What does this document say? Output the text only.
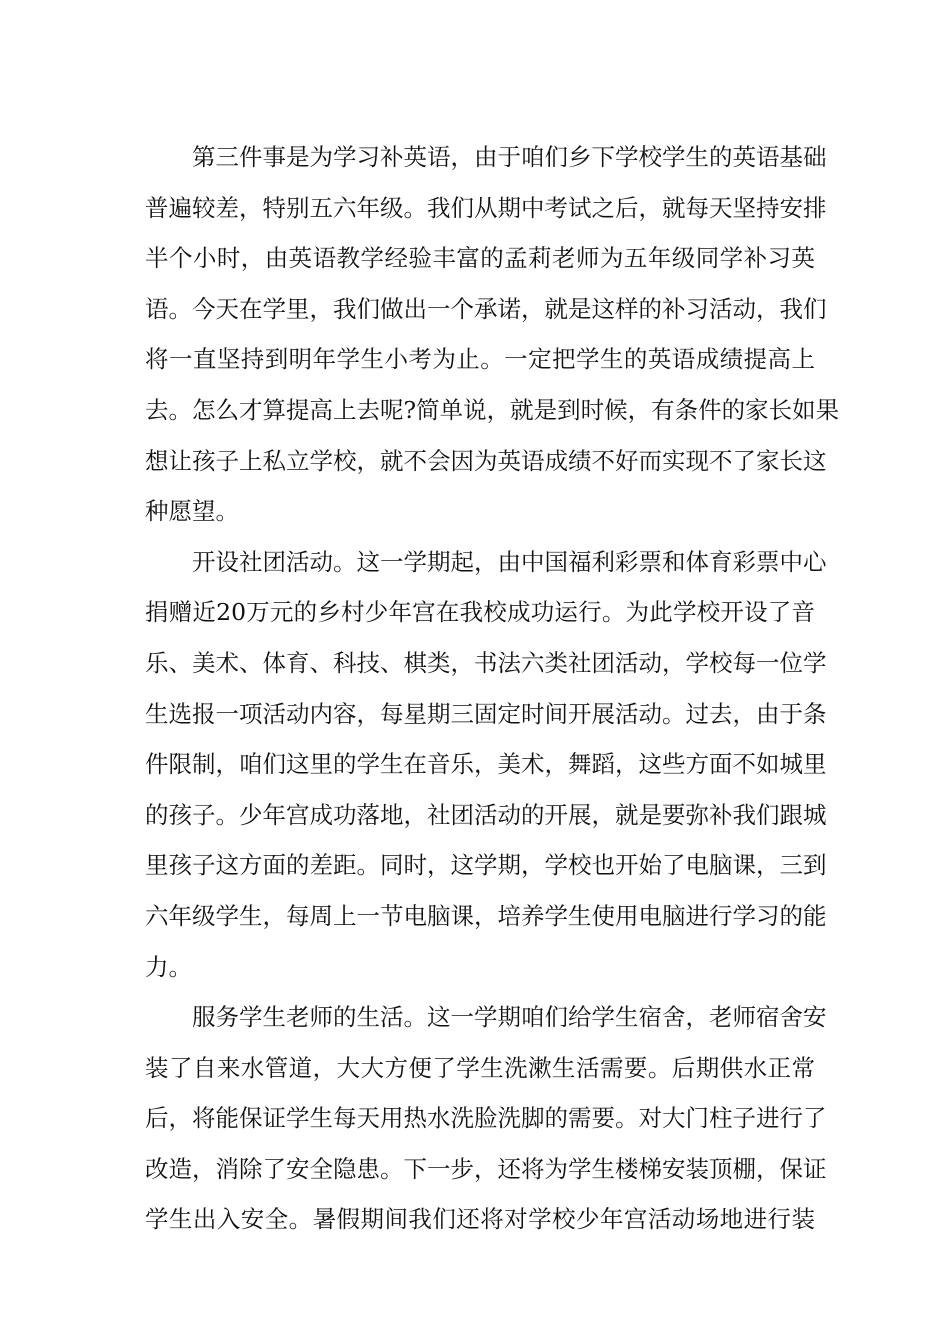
第三件事是为学习补英语，由于咱们乡下学校学生的英语基础
普遍较差，特别五六年级。我们从期中考试之后，就每天坚持安排
半个小时，由英语教学经验丰富的孟莉老师为五年级同学补习英
语。今天在学里，我们做出一个承诺，就是这样的补习活动，我们
将一直坚持到明年学生小考为止。一定把学生的英语成绩提高上
去。怎么才算提高上去呢?简单说，就是到时候，有条件的家长如果
想让孩子上私立学校，就不会因为英语成绩不好而实现不了家长这
种愿望。
开设社团活动。这一学期起，由中国福利彩票和体育彩票中心
捐赠近20万元的乡村少年宫在我校成功运行。为此学校开设了音
乐、美术、体育、科技、棋类，书法六类社团活动，学校每一位学
生选报一项活动内容，每星期三固定时间开展活动。过去，由于条
件限制，咱们这里的学生在音乐，美术，舞蹈，这些方面不如城里
的孩子。少年宫成功落地，社团活动的开展，就是要弥补我们跟城
里孩子这方面的差距。同时，这学期，学校也开始了电脑课，三到
六年级学生，每周上一节电脑课，培养学生使用电脑进行学习的能
力。
服务学生老师的生活。这一学期咱们给学生宿舍，老师宿舍安
装了自来水管道，大大方便了学生洗漱生活需要。后期供水正常
后，将能保证学生每天用热水洗脸洗脚的需要。对大门柱子进行了
改造，消除了安全隐患。下一步，还将为学生楼梯安装顶棚，保证
学生出入安全。暑假期间我们还将对学校少年宫活动场地进行装
